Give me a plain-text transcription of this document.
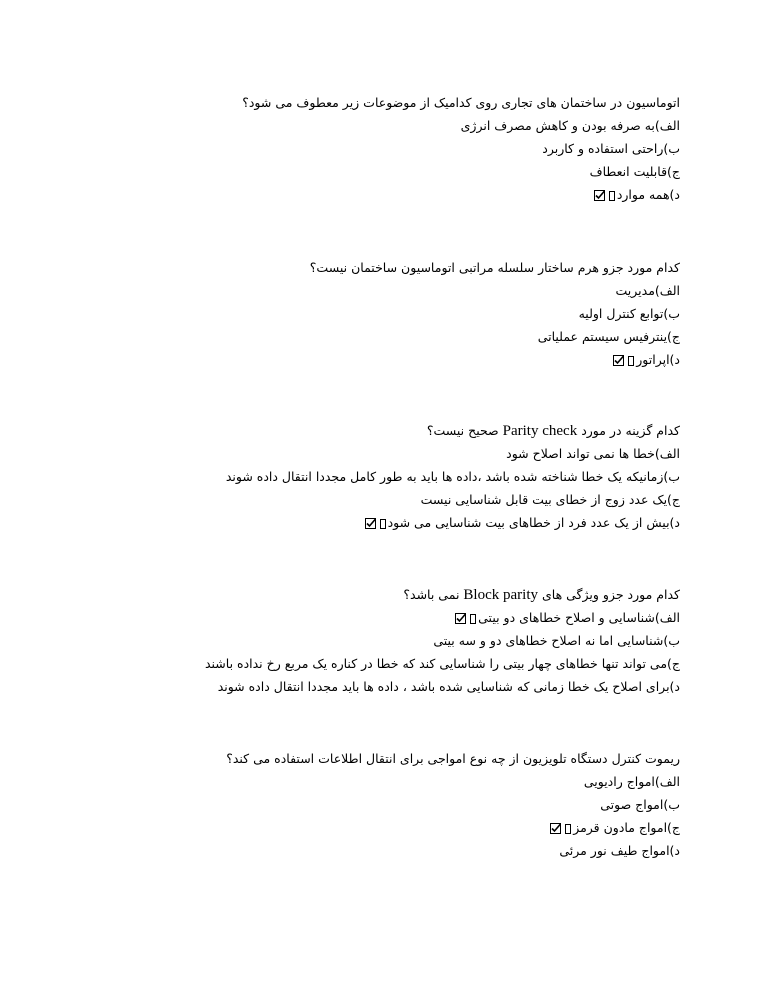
اتوماسیون در ساختمان های تجاری روی کدامیک از موضوعات زیر معطوف می شود؟
الف)به صرفه بودن و کاهش مصرف انرژی
ب)راحتی استفاده و کاربرد
ج)قابلیت انعطاف
د)همه موارد
کدام مورد جزو هرم ساختار سلسله مراتبی اتوماسیون ساختمان نیست؟
الف)مدیریت
ب)توابع کنترل اولیه
ج)ینترفیس سیستم عملیاتی
د)اپراتور
کدام گزینه در مورد Parity check صحیح نیست؟
الف)خطا ها نمی تواند اصلاح شود
ب)زمانیکه یک خطا شناخته شده باشد ،داده ها باید به طور کامل مجددا انتقال داده شوند
ج)یک عدد زوج از خطای بیت قابل شناسایی نیست
د)بیش از یک عدد فرد از خطاهای بیت شناسایی می شود
کدام مورد جزو ویژگی های Block parity نمی باشد؟
الف)شناسایی و اصلاح خطاهای دو بیتی
ب)شناسایی اما نه اصلاح خطاهای دو و سه بیتی
ج)می تواند تنها خطاهای چهار بیتی را شناسایی کند که خطا در کناره یک مربع رخ نداده باشند
د)برای اصلاح یک خطا زمانی که شناسایی شده باشد ، داده ها باید مجددا انتقال داده شوند
ریموت کنترل دستگاه تلویزیون از چه نوع امواجی برای انتقال اطلاعات استفاده می کند؟
الف)امواج رادیویی
ب)امواج صوتی
ج)امواج مادون قرمز
د)امواج طیف نور مرئی
